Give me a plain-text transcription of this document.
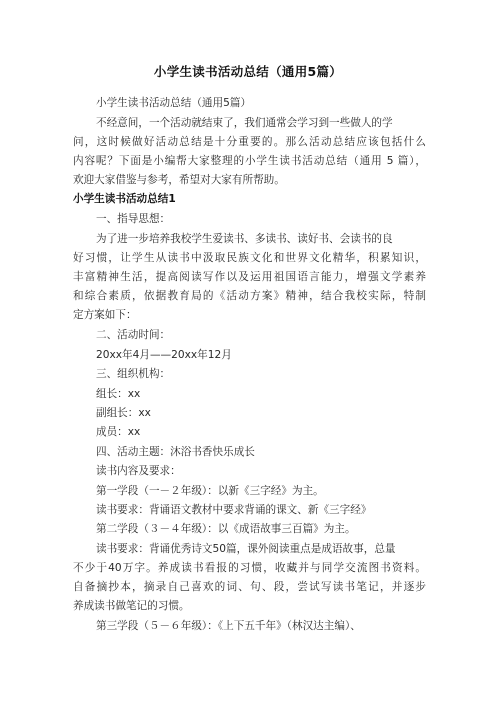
小学生读书活动总结（通用5篇）
小学生读书活动总结（通用5篇）
不经意间，一个活动就结束了，我们通常会学习到一些做人的学
问，这时候做好活动总结是十分重要的。那么活动总结应该包括什么
内容呢？下面是小编帮大家整理的小学生读书活动总结（通用 5 篇），
欢迎大家借鉴与参考，希望对大家有所帮助。
小学生读书活动总结1
一、指导思想：
为了进一步培养我校学生爱读书、多读书、读好书、会读书的良
好习惯，让学生从读书中汲取民族文化和世界文化精华，积累知识，
丰富精神生活，提高阅读写作以及运用祖国语言能力，增强文学素养
和综合素质，依据教育局的《活动方案》精神，结合我校实际，特制
定方案如下：
二、活动时间：
20xx年4月——20xx年12月
三、组织机构：
组长：xx
副组长：xx
成员：xx
四、活动主题：沐浴书香快乐成长
读书内容及要求：
第一学段（一－２年级）：以新《三字经》为主。
读书要求：背诵语文教材中要求背诵的课文、新《三字经》
第二学段（３－４年级）：以《成语故事三百篇》为主。
读书要求：背诵优秀诗文50篇，课外阅读重点是成语故事，总量
不少于40万字。养成读书看报的习惯，收藏并与同学交流图书资料。
自备摘抄本，摘录自己喜欢的词、句、段，尝试写读书笔记，并逐步
养成读书做笔记的习惯。
第三学段（５－６年级）：《上下五千年》（林汉达主编）、
